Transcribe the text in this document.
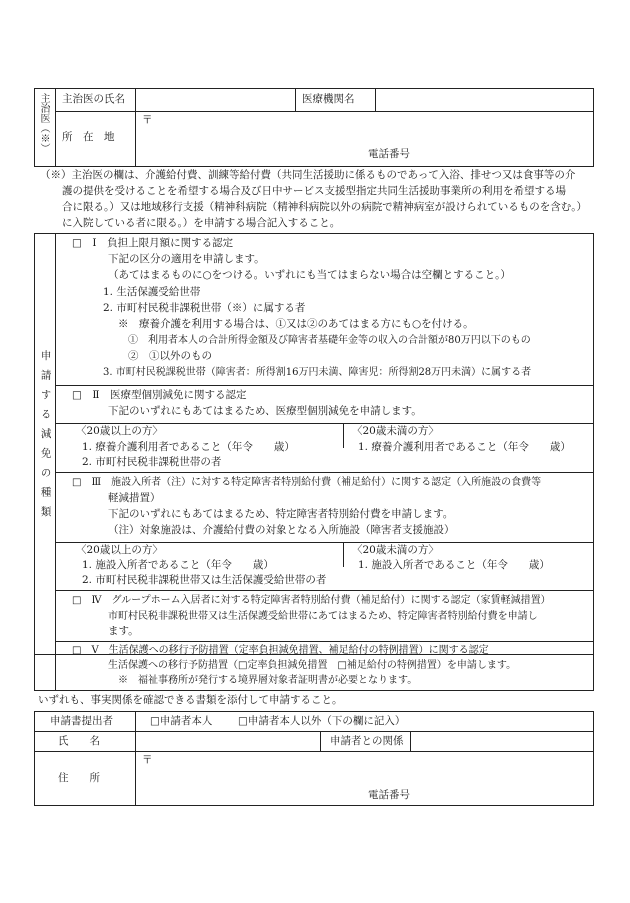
主治医（※） 主治医の氏名	医療機関名
所　在　地
〒
電話番号
（※）主治医の欄は、介護給付費、訓練等給付費（共同生活援助に係るものであって入浴、排せつ又は食事等の介
護の提供を受けることを希望する場合及び日中サービス支援型指定共同生活援助事業所の利用を希望する場
合に限る。）又は地域移行支援（精神科病院（精神科病院以外の病院で精神病室が設けられているものを含む。）
に入院している者に限る。）を申請する場合記入すること。
申請する減免の種類
□　Ⅰ　負担上限月額に関する認定
下記の区分の適用を申請します。
（あてはまるものに○をつける。いずれにも当てはまらない場合は空欄とすること。）
1. 生活保護受給世帯
2. 市町村民税非課税世帯（※）に属する者
※　療養介護を利用する場合は、①又は②のあてはまる方にも○を付ける。
①　利用者本人の合計所得金額及び障害者基礎年金等の収入の合計額が80万円以下のもの
②　①以外のもの
3. 市町村民税課税世帯（障害者：所得割16万円未満、障害児：所得割28万円未満）に属する者
□　Ⅱ　医療型個別減免に関する認定
下記のいずれにもあてはまるため、医療型個別減免を申請します。
〈20歳以上の方〉
1. 療養介護利用者であること（年令　　歳）
2. 市町村民税非課税世帯の者
〈20歳未満の方〉
1. 療養介護利用者であること（年令　　歳）
□　Ⅲ　施設入所者（注）に対する特定障害者特別給付費（補足給付）に関する認定（入所施設の食費等
軽減措置）
下記のいずれにもあてはまるため、特定障害者特別給付費を申請します。
（注）対象施設は、介護給付費の対象となる入所施設（障害者支援施設）
〈20歳以上の方〉
1. 施設入所者であること（年令　　歳）
2. 市町村民税非課税世帯又は生活保護受給世帯の者
〈20歳未満の方〉
1. 施設入所者であること（年令　　歳）
□　Ⅳ　グループホーム入居者に対する特定障害者特別給付費（補足給付）に関する認定（家賃軽減措置）
市町村民税非課税世帯又は生活保護受給世帯にあてはまるため、特定障害者特別給付費を申請し
ます。
□　Ⅴ　生活保護への移行予防措置（定率負担減免措置、補足給付の特例措置）に関する認定
生活保護への移行予防措置（□定率負担減免措置　□補足給付の特例措置）を申請します。
※　福祉事務所が発行する境界層対象者証明書が必要となります。
いずれも、事実関係を確認できる書類を添付して申請すること。
申請書提出者	□申請者本人 □申請者本人以外（下の欄に記入）
氏　　名	申請者との関係
住　　所
〒
電話番号
